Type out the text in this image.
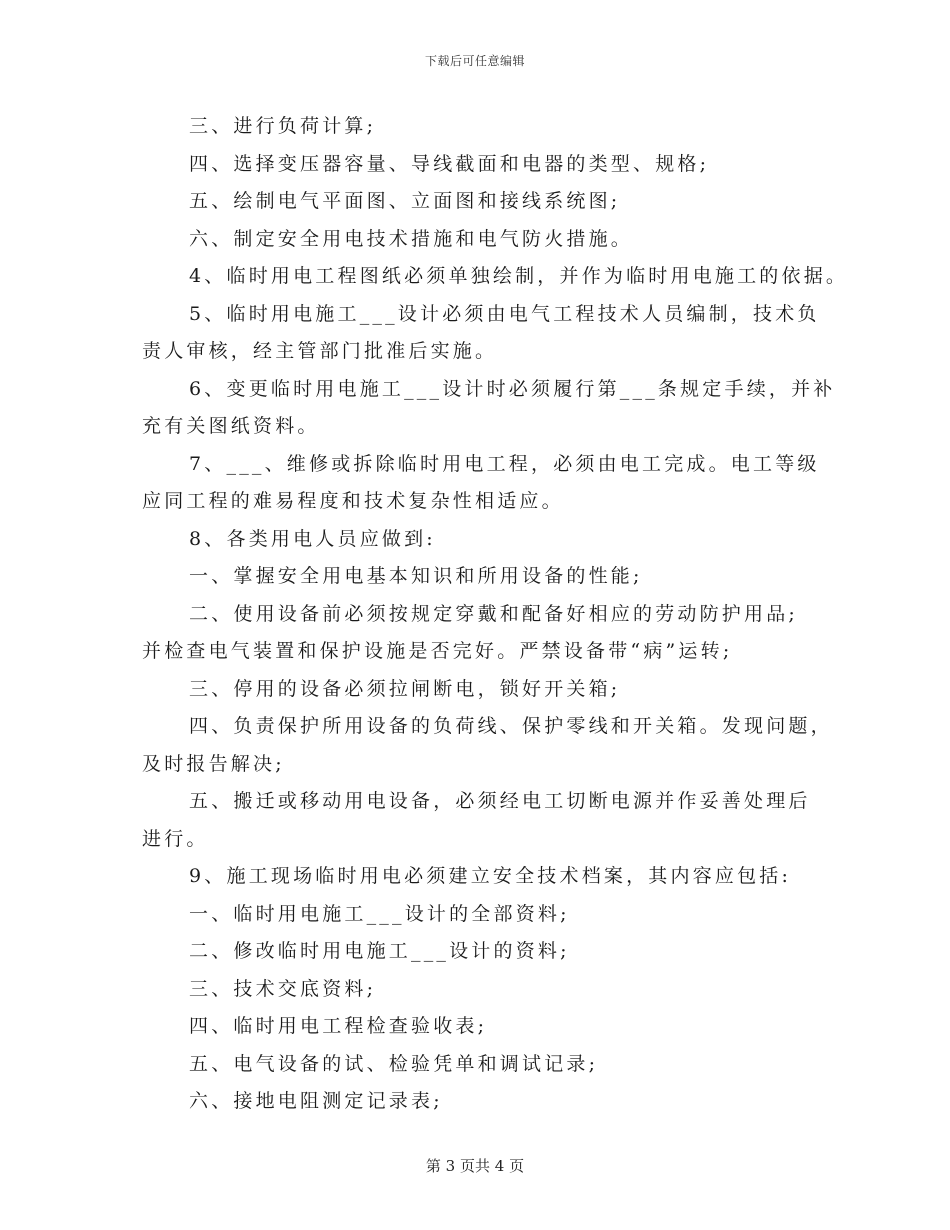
下载后可任意编辑
三、进行负荷计算;
四、选择变压器容量、导线截面和电器的类型、规格;
五、绘制电气平面图、立面图和接线系统图;
六、制定安全用电技术措施和电气防火措施。
4、临时用电工程图纸必须单独绘制，并作为临时用电施工的依据。
5、临时用电施工___设计必须由电气工程技术人员编制，技术负
责人审核，经主管部门批准后实施。
6、变更临时用电施工___设计时必须履行第___条规定手续，并补
充有关图纸资料。
7、___、维修或拆除临时用电工程，必须由电工完成。电工等级
应同工程的难易程度和技术复杂性相适应。
8、各类用电人员应做到:
一、掌握安全用电基本知识和所用设备的性能;
二、使用设备前必须按规定穿戴和配备好相应的劳动防护用品;
并检查电气装置和保护设施是否完好。严禁设备带“病”运转;
三、停用的设备必须拉闸断电，锁好开关箱;
四、负责保护所用设备的负荷线、保护零线和开关箱。发现问题，
及时报告解决;
五、搬迁或移动用电设备，必须经电工切断电源并作妥善处理后
进行。
9、施工现场临时用电必须建立安全技术档案，其内容应包括:
一、临时用电施工___设计的全部资料;
二、修改临时用电施工___设计的资料;
三、技术交底资料;
四、临时用电工程检查验收表;
五、电气设备的试、检验凭单和调试记录;
六、接地电阻测定记录表;
第 3 页共 4 页
